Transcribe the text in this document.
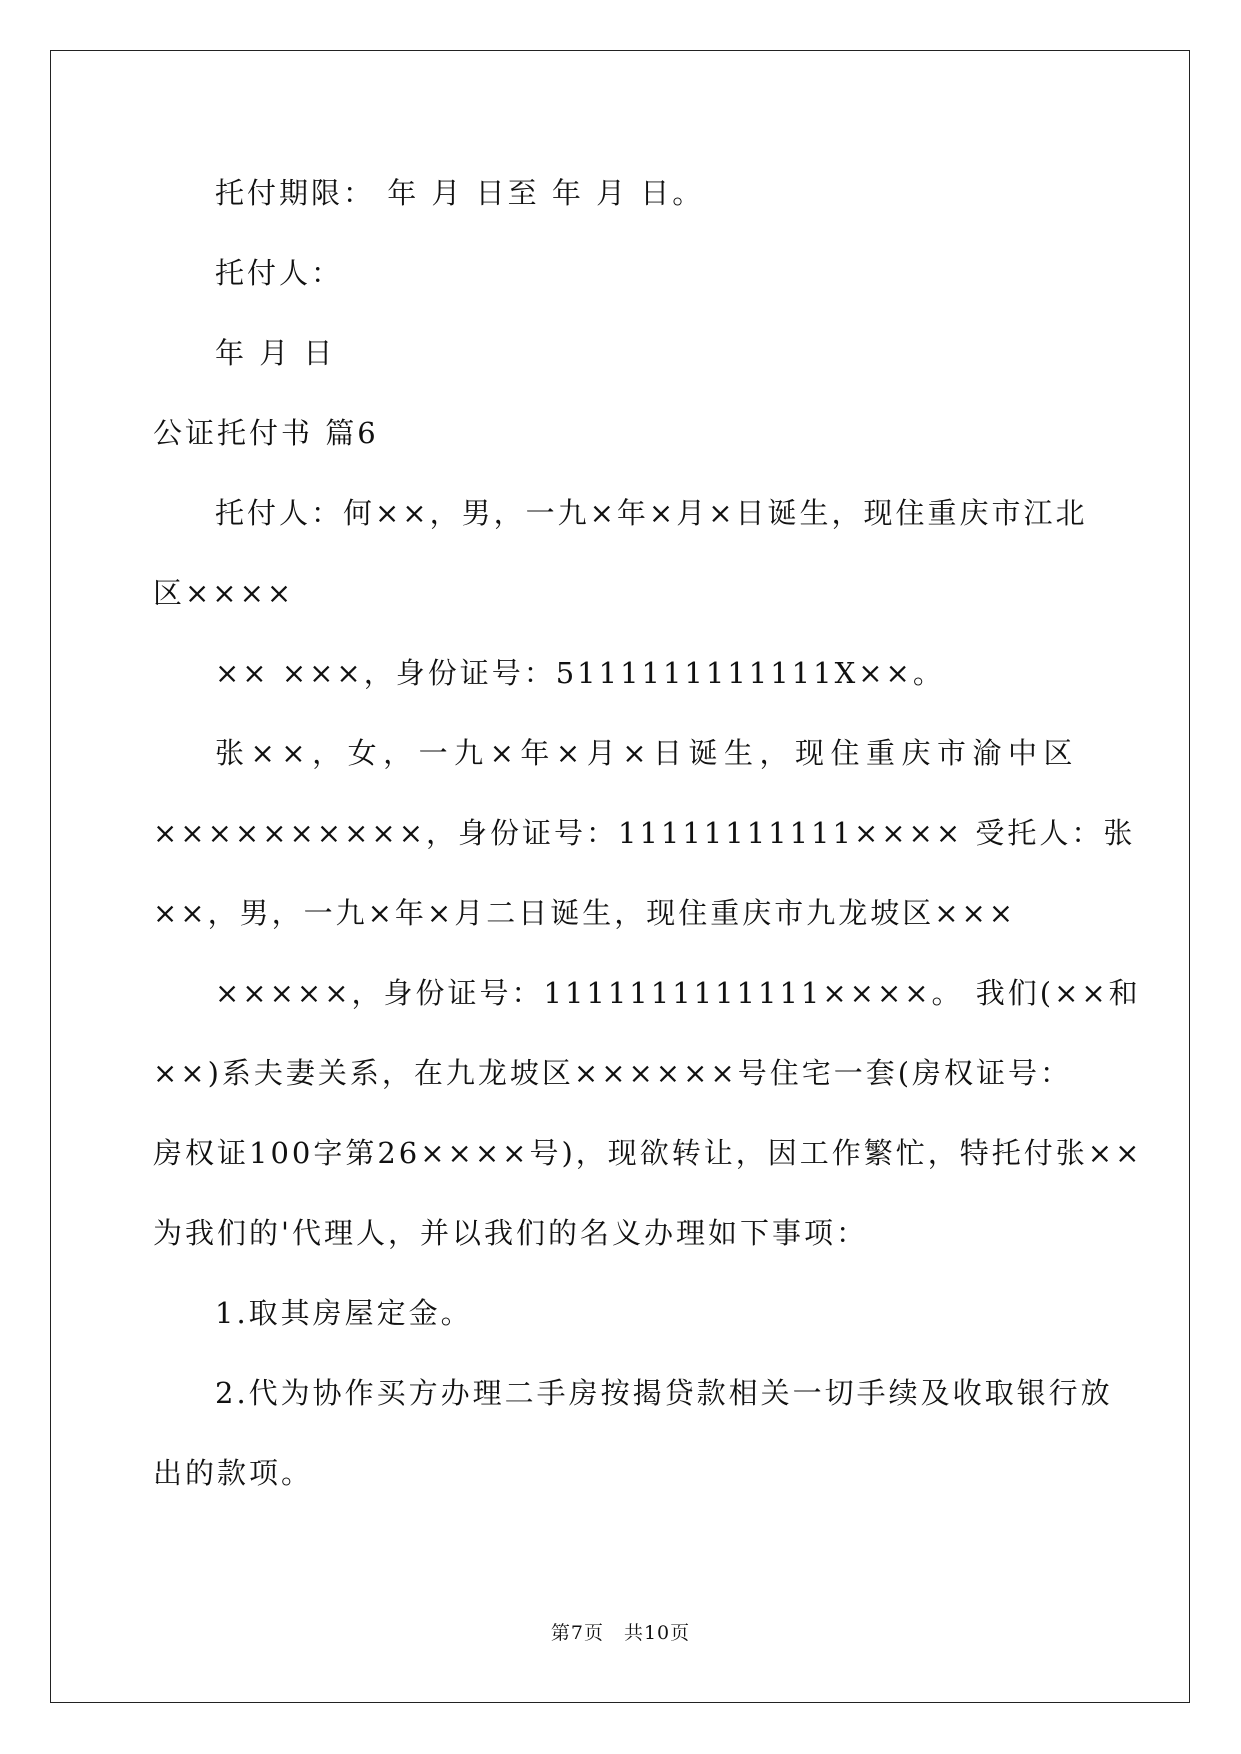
托付期限： 年 月 日至 年 月 日。
托付人：
年 月 日
公证托付书 篇6
托付人：何××，男，一九×年×月×日诞生，现住重庆市江北
区××××
×× ×××，身份证号：5111111111111X××。
张××，女，一九×年×月×日诞生，现住重庆市渝中区
××××××××××，身份证号：11111111111×××× 受托人：张
××，男，一九×年×月二日诞生，现住重庆市九龙坡区×××
×××××，身份证号：1111111111111××××。 我们(××和
××)系夫妻关系，在九龙坡区××××××号住宅一套(房权证号：
房权证100字第26××××号)，现欲转让，因工作繁忙，特托付张××
为我们的'代理人，并以我们的名义办理如下事项：
1.取其房屋定金。
2.代为协作买方办理二手房按揭贷款相关一切手续及收取银行放
出的款项。
第7页　共10页
